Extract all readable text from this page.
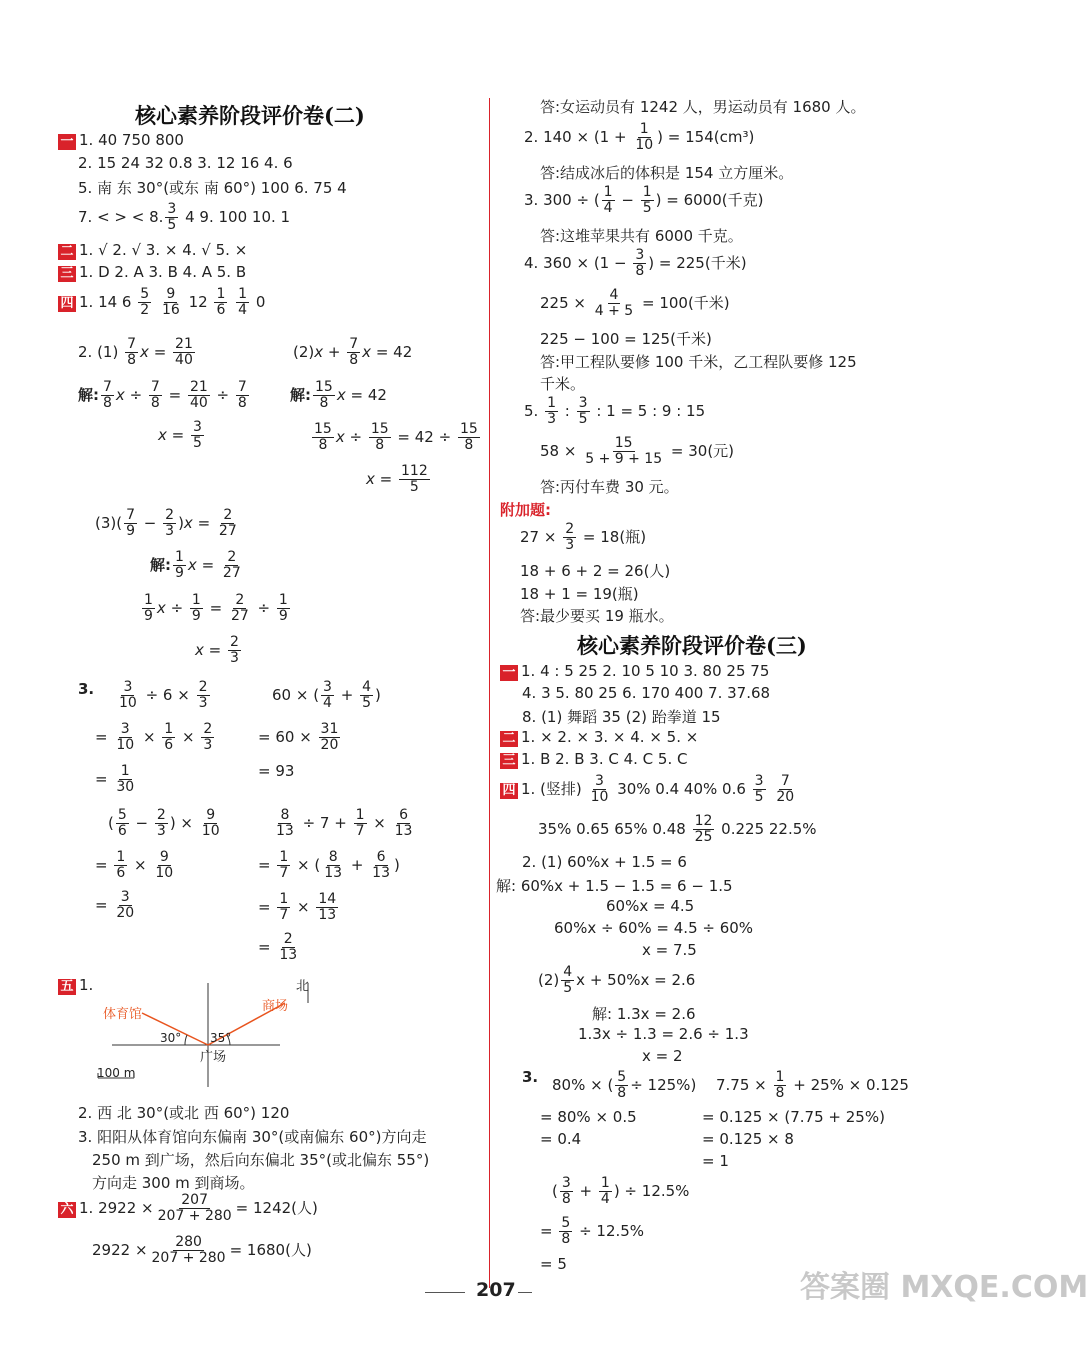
核心素养阶段评价卷(二)
一 1. 40 750 800
2. 15 24 32 0.8 3. 12 16 4. 6
5. 南 东 30°(或东 南 60°) 100 6. 75 4
7. < > < 8. $\frac{3}{5} 4$ 9. 100 10. 1
二 1. √ 2. √ 3. × 4. √ 5. ×
三 1. D 2. A 3. B 4. A 5. B
四 1. 14 $6 \frac{5}{2}$
$\frac{9}{16} 12 \frac{1}{6}$
$\frac{1}{4} 0$
2. $(1) \frac{7}{8}$ $x = \frac{21}{40}$	$(2)x + \frac{7}{8}$ x = 42
解: $\frac{7}{8}$ $x \div \frac{7}{8} = \frac{21}{40} \div \frac{7}{8}$	解: $\frac{15}{8}$ x = 42
$x = \frac{3}{5}$	$\frac{15}{8}$ $x \div \frac{15}{8} = 42 \div \frac{15}{8}$
$x = \frac{112}{5}$
$(3)( \frac{7}{9} - \frac{2}{3} )x = \frac{2}{27}$
解: $\frac{1}{9}$ $x = \frac{2}{27}$
$\frac{1}{9}$ $x \div \frac{1}{9} = \frac{2}{27} \div \frac{1}{9}$
$x = \frac{2}{3}$
3. $\frac{3}{10} \div 6 \times \frac{2}{3}$
= $\frac{3}{10} \times \frac{1}{6} \times \frac{2}{3}$
= $\frac{1}{30}$
60 × ( $\frac{3}{4} + \frac{4}{5}$ )
= $60 \times \frac{31}{20}$
= 93
( $\frac{5}{6} - \frac{2}{3}$ ) × $\frac{9}{10}$
= $\frac{1}{6} \times \frac{9}{10}$
= $\frac{3}{20}$
$\frac{8}{13} \div 7 + \frac{1}{7} \times \frac{6}{13}$
= $\frac{1}{7}$ × ( $\frac{8}{13} + \frac{6}{13}$ )
= $\frac{1}{7} \times \frac{14}{13}$
= $\frac{2}{13}$
五 1.	北
体育馆
商场
30° 35°
广场
100 m
2. 西 北 30°(或北 西 60°) 120
3. 阳阳从体育馆向东偏南 30°(或南偏东 60°)方向走
250 m 到广场，然后向东偏北 35°(或北偏东 55°)
方向走 300 m 到商场。
六 1. $2922 \times \frac{207}{207 + 280} = 1242$(人)
$2922 \times \frac{280}{207 + 280} = 1680$(人)
答:女运动员有 1242 人，男运动员有 1680 人。
2. $140 \times (1 + \frac{1}{10}$ ) = 154(cm³)
答:结成冰后的体积是 154 立方厘米。
3. 300 ÷ ( $\frac{1}{4} - \frac{1}{5}$ ) = 6000(千克)
答:这堆苹果共有 6000 千克。
4. $360 \times (1 - \frac{3}{8}$ ) = 225(千米)
$225 \times \frac{4}{4 + 5} = 100$(千米)
225 − 100 = 125(千米)
答:甲工程队要修 100 千米，乙工程队要修 125
千米。
5. $\frac{1}{3}$ : $\frac{3}{5}$ : 1 = 5 : 9 : 15
$58 \times \frac{15}{5 + 9 + 15} = 30$(元)
答:丙付车费 30 元。
附加题:
$27 \times \frac{2}{3} = 18$(瓶)
18 + 6 + 2 = 26(人)
18 + 1 = 19(瓶)
答:最少要买 19 瓶水。
核心素养阶段评价卷(三)
一 1. 4 : 5 25 2. 10 5 10 3. 80 25 75
4. 3 5. 80 25 6. 170 400 7. 37.68
8. (1) 舞蹈 35 (2) 跆拳道 15
二 1. × 2. × 3. × 4. × 5. ×
三 1. B 2. B 3. C 4. C 5. C
四 1. (竖排) $\frac{3}{10} 30\%$ 0.4 40% $0.6 \frac{3}{5}$
$\frac{7}{20}$
35% 0.65 65% $0.48 \frac{12}{25} 0.225$ 22.5%
2. (1) 60%x + 1.5 = 6
解: 60%x + 1.5 − 1.5 = 6 − 1.5
60%x = 4.5
60%x ÷ 60% = 4.5 ÷ 60%
x = 7.5
$(2) \frac{4}{5}$ x + 50%x = 2.6
解: 1.3x = 2.6
1.3x ÷ 1.3 = 2.6 ÷ 1.3
x = 2
3. 80% × ( $\frac{5}{8} \div 125\%$) $7.75 \times \frac{1}{8} + 25\% \times 0.125$
= 80% × 0.5	= 0.125 × (7.75 + 25%)
= 0.4	= 0.125 × 8
= 1
( $\frac{3}{8} + \frac{1}{4}$ ) ÷ 12.5%
= $\frac{5}{8} \div 12.5\%$
= 5
207	答案圈 MXQE.COM
